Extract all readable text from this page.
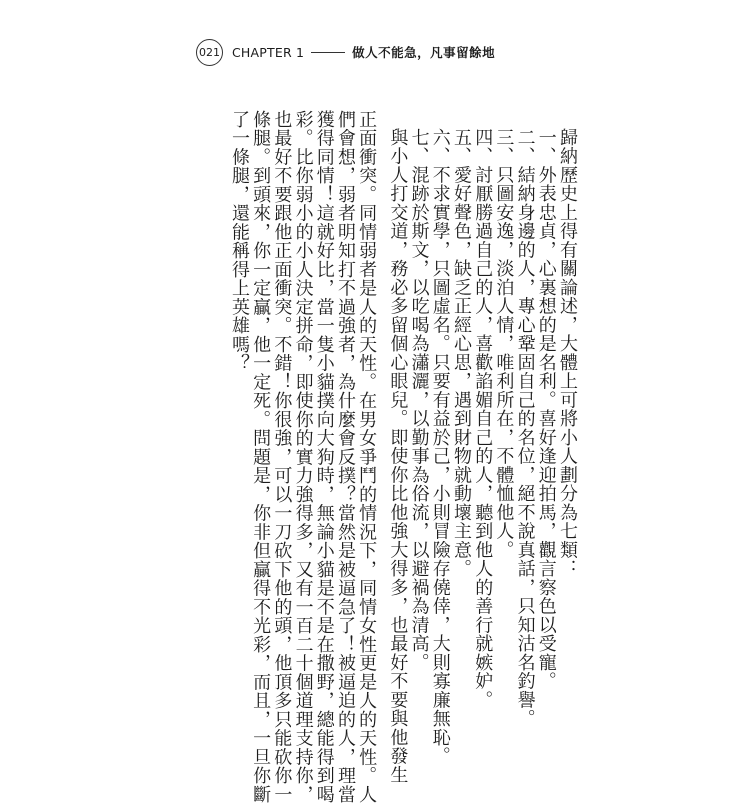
021 CHAPTER 1	做人不能急，凡事留餘地
歸納歷史上得有關論述，大體上可將小人劃分為七類：
一、外表忠貞，心裏想的是名利。喜好逢迎拍馬，觀言察色以受寵。
二、結納身邊的人，專心鞏固自己的名位，絕不說真話，只知沽名釣譽。
三、只圖安逸，淡泊人情，唯利所在，不體恤他人。
四、討厭勝過自己的人，喜歡諂媚自己的人，聽到他人的善行就嫉妒。
五、愛好聲色，缺乏正經心思，遇到財物就動壞主意。
六、不求實學，只圖虛名。只要有益於己，小則冒險存僥倖，大則寡廉無恥。
七、混跡於斯文，以吃喝為瀟灑，以勤事為俗流，以避禍為清高。
與小人打交道，務必多留個心眼兒。即使你比他強大得多，也最好不要與他發生
正面衝突。同情弱者是人的天性。在男女爭鬥的情況下，同情女性更是人的天性。人
們會想，弱者明知打不過強者，為什麼會反撲？當然是被逼急了！被逼迫的人，理當
獲得同情！這就好比，當一隻小貓撲向大狗時，無論小貓是不是在撒野，總能得到喝
彩。比你弱小的小人決定拼命，即使你的實力強得多，又有一百二十個道理支持你，
也最好不要跟他正面衝突。不錯！你很強，可以一刀砍下他的頭，他頂多只能砍你一
條腿。到頭來，你一定贏，他一定死。問題是，你非但贏得不光彩，而且，一旦你斷
了一條腿，還能稱得上英雄嗎？
